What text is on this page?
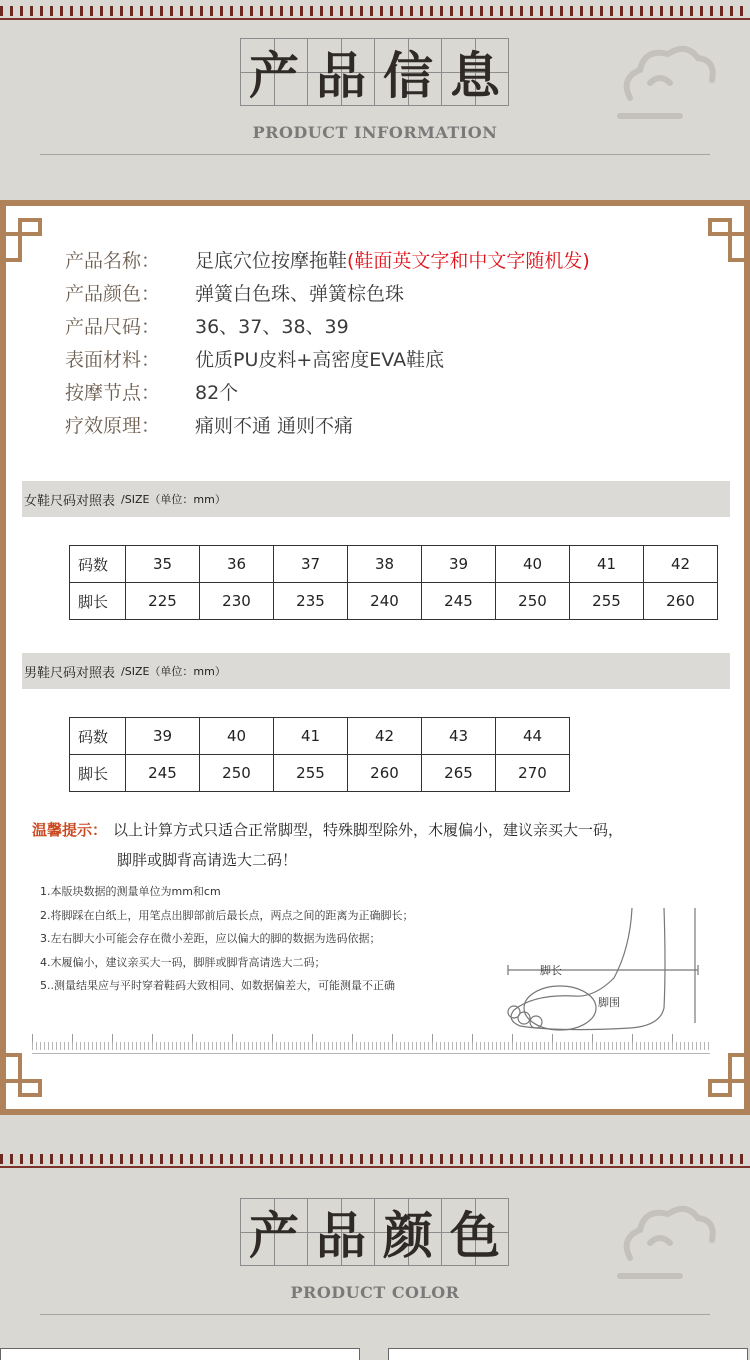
产 品 信 息
PRODUCT INFORMATION
产品名称：	足底穴位按摩拖鞋 (鞋面英文字和中文字随机发)
产品颜色：	弹簧白色珠、弹簧棕色珠
产品尺码：	36、37、38、39
表面材料：	优质PU皮料+高密度EVA鞋底
按摩节点：	82个
疗效原理：	痛则不通 通则不痛
女鞋尺码对照表 /SIZE（单位：mm）
码数	35	36	37	38	39	40	41	42
脚长	225	230	235	240	245	250	255	260
男鞋尺码对照表 /SIZE（单位：mm）
码数	39	40	41	42	43	44
脚长	245	250	255	260	265	270
温馨提示： 以上计算方式只适合正常脚型，特殊脚型除外，木履偏小，建议亲买大一码，
脚胖或脚背高请选大二码！
1.本版块数据的测量单位为mm和cm
2.将脚踩在白纸上，用笔点出脚部前后最长点，两点之间的距离为正确脚长；
3.左右脚大小可能会存在微小差距，应以偏大的脚的数据为选码依据；
4.木履偏小，建议亲买大一码，脚胖或脚背高请选大二码；
5..测量结果应与平时穿着鞋码大致相同、如数据偏差大，可能测量不正确
脚长
脚围
产 品 颜 色
PRODUCT COLOR
